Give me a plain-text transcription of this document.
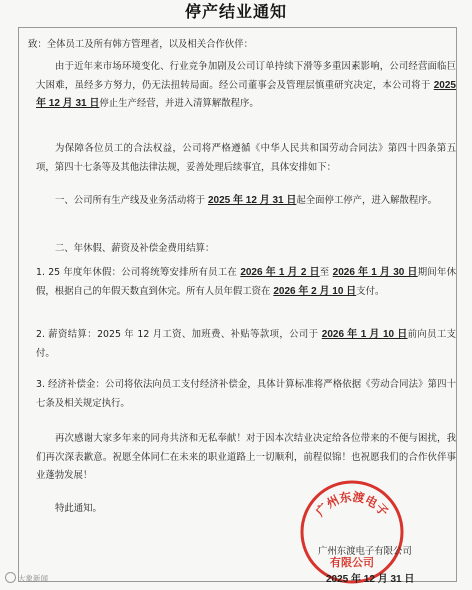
停产结业通知
致：全体员工及所有韩方管理者，以及相关合作伙伴：
由于近年来市场环境变化、行业竞争加剧及公司订单持续下滑等多重因素影响，公司经营面临巨大困难，虽经多方努力，仍无法扭转局面。经公司董事会及管理层慎重研究决定，本公司将于 2025 年 12 月 31 日停止生产经营，并进入清算解散程序。
为保障各位员工的合法权益，公司将严格遵循《中华人民共和国劳动合同法》第四十四条第五项，第四十七条等及其他法律法规，妥善处理后续事宜，具体安排如下：
一、公司所有生产线及业务活动将于 2025 年 12 月 31 日起全面停工停产，进入解散程序。
二、年休假、薪资及补偿金费用结算：
1. 25 年度年休假：公司将统筹安排所有员工在 2026 年 1 月 2 日至 2026 年 1 月 30 日期间年休假，根据自己的年假天数直到休完。所有人员年假工资在 2026 年 2 月 10 日支付。
2. 薪资结算：2025 年 12 月工资、加班费、补贴等款项，公司于 2026 年 1 月 10 日前向员工支付。
3. 经济补偿金：公司将依法向员工支付经济补偿金，具体计算标准将严格依据《劳动合同法》第四十七条及相关规定执行。
再次感谢大家多年来的同舟共济和无私奉献！对于因本次结业决定给各位带来的不便与困扰，我们再次深表歉意。祝愿全体同仁在未来的职业道路上一切顺利，前程似锦！也祝愿我们的合作伙伴事业蓬勃发展！
特此通知。	广州东渡电子
有限公司
广州东渡电子有限公司
2025 年 12 月 31 日
大象新闻
